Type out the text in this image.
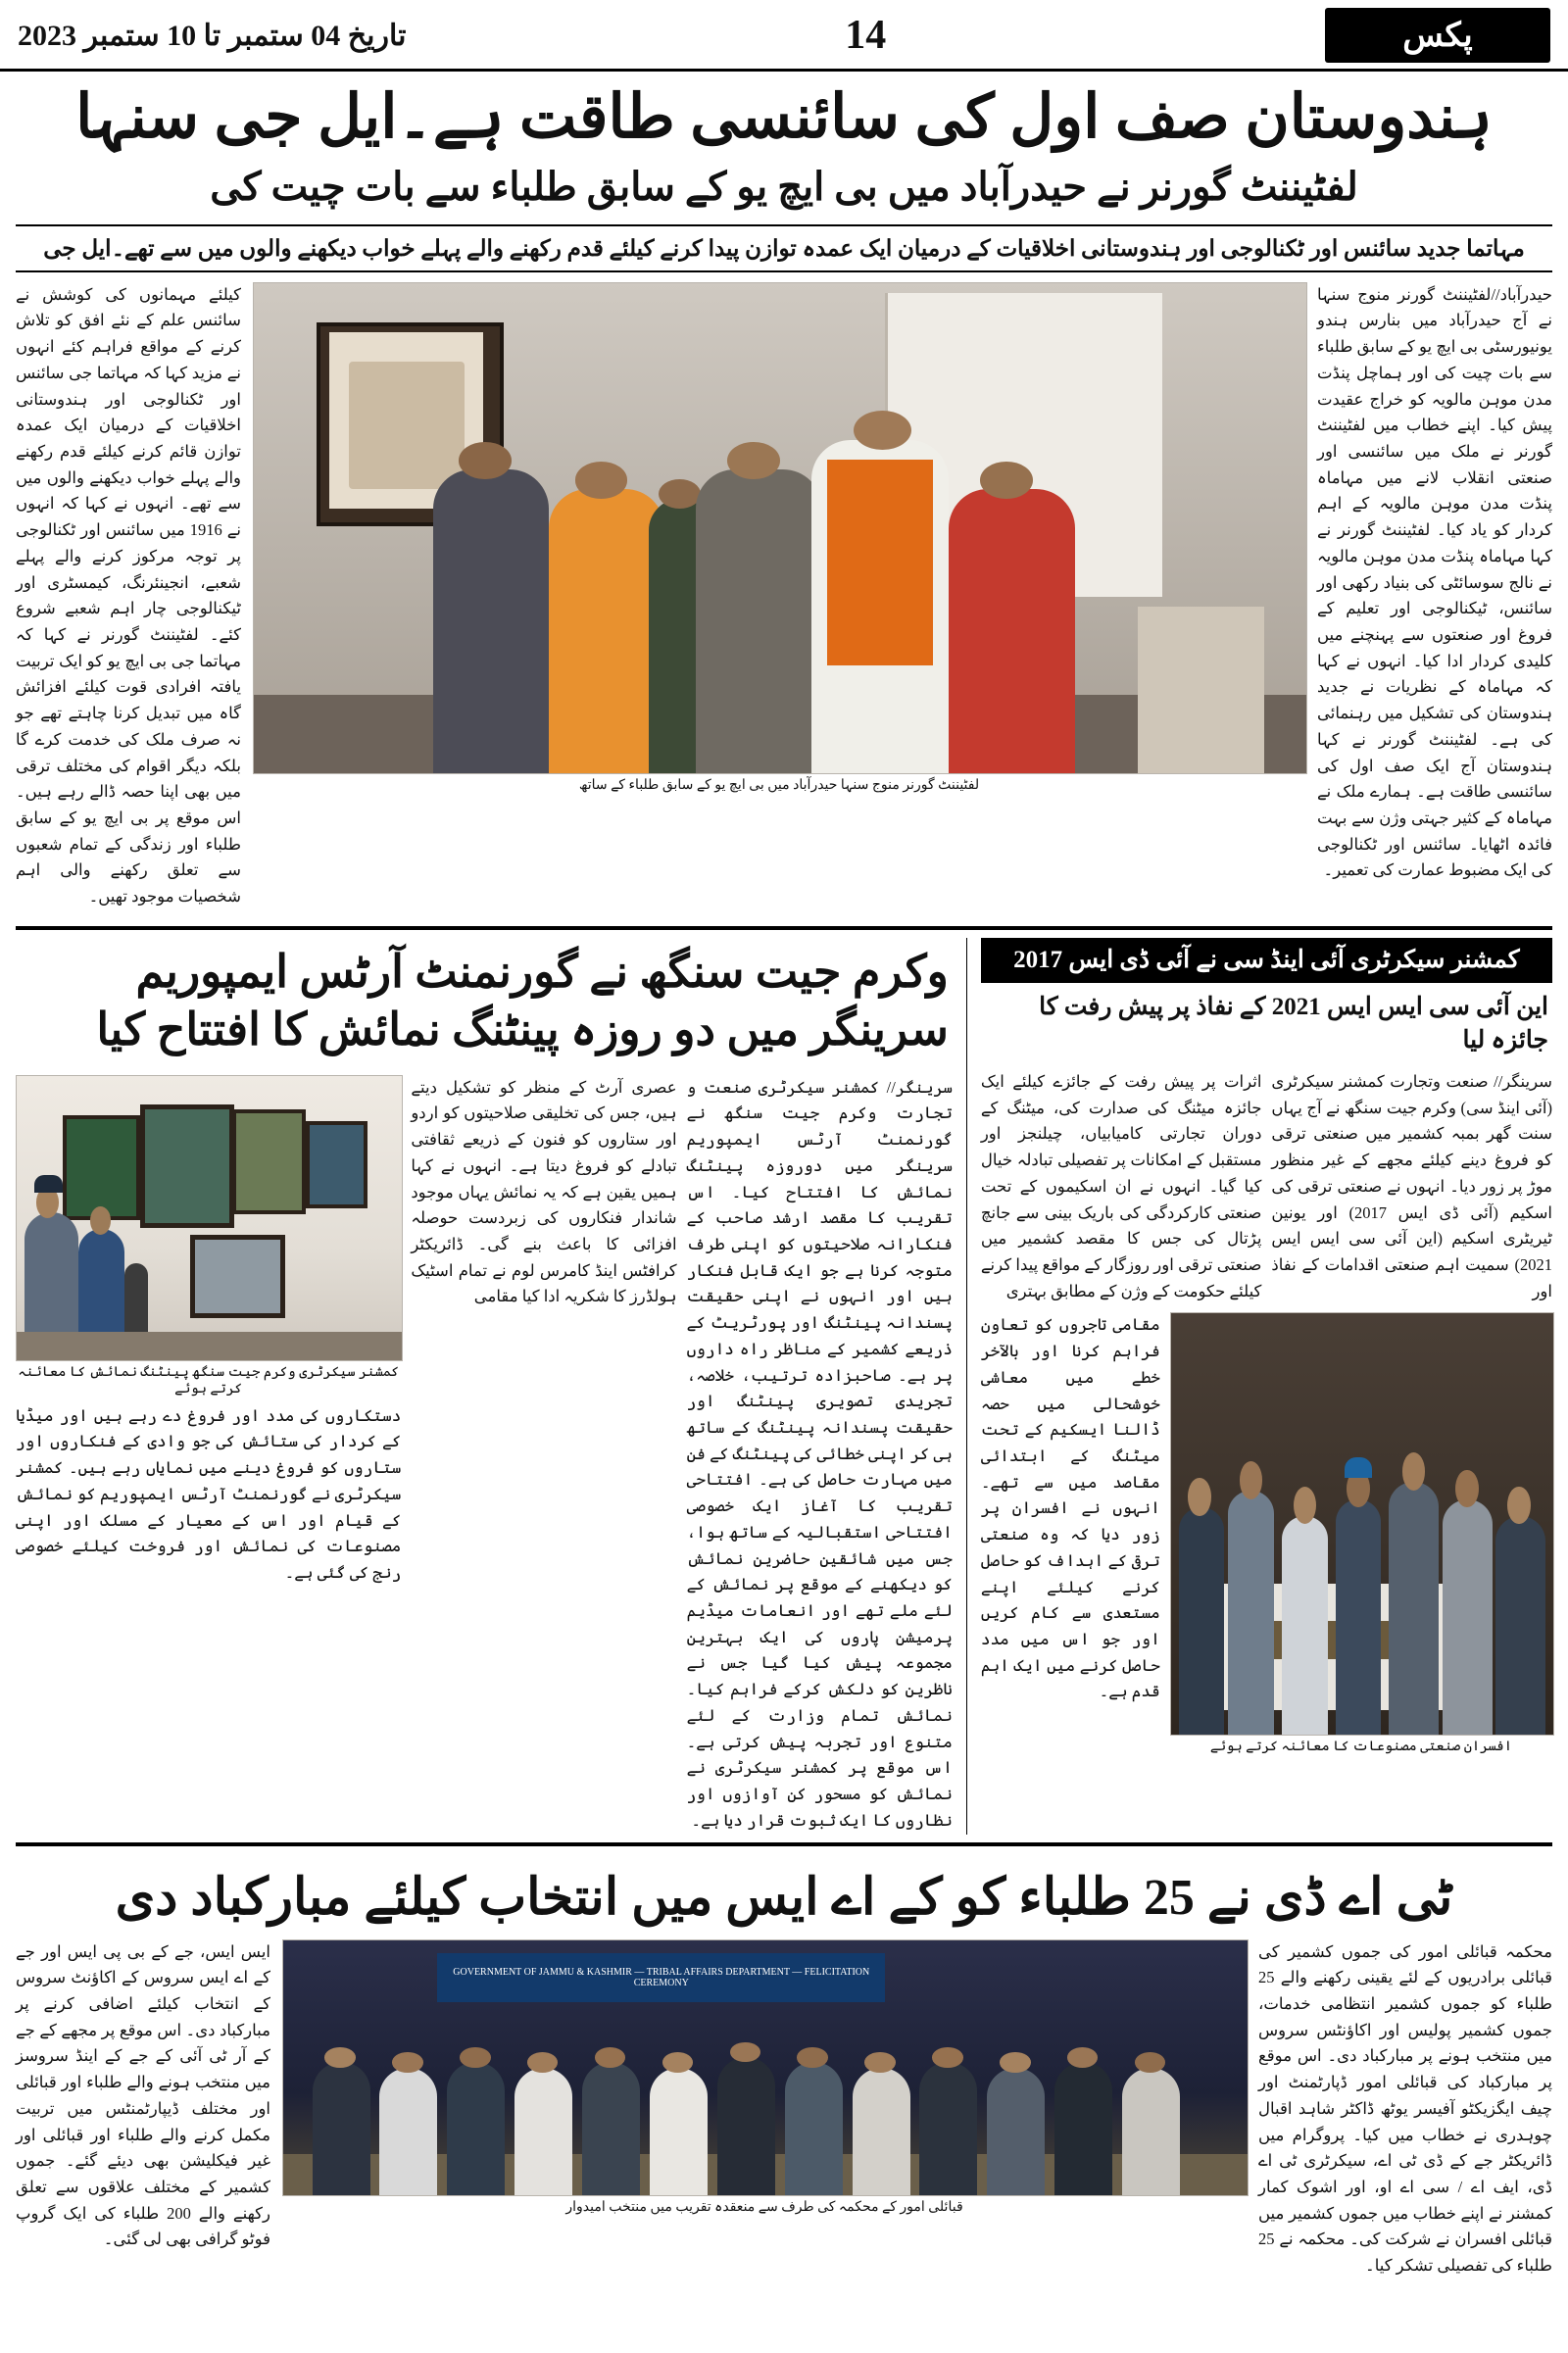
تاریخ 04 ستمبر تا 10 ستمبر 2023	14	پکس
ہندوستان صف اول کی سائنسی طاقت ہے۔ایل جی سنہا
لفٹیننٹ گورنر نے حیدرآباد میں بی ایچ یو کے سابق طلباء سے بات چیت کی
مہاتما جدید سائنس اور ٹکنالوجی اور ہندوستانی اخلاقیات کے درمیان ایک عمدہ توازن پیدا کرنے کیلئے قدم رکھنے والے پہلے خواب دیکھنے والوں میں سے تھے۔ایل جی
کیلئے مہمانوں کی کوشش نے سائنس علم کے نئے افق کو تلاش کرنے کے مواقع فراہم کئے انہوں نے مزید کہا کہ مہاتما جی سائنس اور ٹکنالوجی اور ہندوستانی اخلاقیات کے درمیان ایک عمدہ توازن قائم کرنے کیلئے قدم رکھنے والے پہلے خواب دیکھنے والوں میں سے تھے۔ انہوں نے کہا کہ انہوں نے 1916 میں سائنس اور ٹکنالوجی پر توجہ مرکوز کرنے والے پہلے شعبے، انجینئرنگ، کیمسٹری اور ٹیکنالوجی چار اہم شعبے شروع کئے۔ لفٹیننٹ گورنر نے کہا کہ مہاتما جی بی ایچ یو کو ایک تربیت یافتہ افرادی قوت کیلئے افزائش گاہ میں تبدیل کرنا چاہتے تھے جو نہ صرف ملک کی خدمت کرے گا بلکہ دیگر اقوام کی مختلف ترقی میں بھی اپنا حصہ ڈالے رہے ہیں۔ اس موقع پر بی ایچ یو کے سابق طلباء اور زندگی کے تمام شعبوں سے تعلق رکھنے والی اہم شخصیات موجود تھیں۔
لفٹیننٹ گورنر منوج سنہا حیدرآباد میں بی ایچ یو کے سابق طلباء کے ساتھ
حیدرآباد//لفٹیننٹ گورنر منوج سنہا نے آج حیدرآباد میں بنارس ہندو یونیورسٹی بی ایچ یو کے سابق طلباء سے بات چیت کی اور ہماچل پنڈت مدن موہن مالویہ کو خراج عقیدت پیش کیا۔ اپنے خطاب میں لفٹیننٹ گورنر نے ملک میں سائنسی اور صنعتی انقلاب لانے میں مہاماہ پنڈت مدن موہن مالویہ کے اہم کردار کو یاد کیا۔ لفٹیننٹ گورنر نے کہا مہاماہ پنڈت مدن موہن مالویہ نے نالج سوسائٹی کی بنیاد رکھی اور سائنس، ٹیکنالوجی اور تعلیم کے فروغ اور صنعتوں سے پہنچنے میں کلیدی کردار ادا کیا۔ انہوں نے کہا کہ مہاماہ کے نظریات نے جدید ہندوستان کی تشکیل میں رہنمائی کی ہے۔ لفٹیننٹ گورنر نے کہا ہندوستان آج ایک صف اول کی سائنسی طاقت ہے۔ ہمارے ملک نے مہاماہ کے کثیر جہتی وژن سے بہت فائدہ اٹھایا۔ سائنس اور ٹکنالوجی کی ایک مضبوط عمارت کی تعمیر۔
وکرم جیت سنگھ نے گورنمنٹ آرٹس ایمپوریم سرینگر میں دو روزہ پینٹنگ نمائش کا افتتاح کیا
کمشنر سیکرٹری وکرم جیت سنگھ پینٹنگ نمائش کا معائنہ کرتے ہوئے
دستکاروں کی مدد اور فروغ دے رہے ہیں اور میڈیا کے کردار کی ستائش کی جو وادی کے فنکاروں اور ستاروں کو فروغ دینے میں نمایاں رہے ہیں۔ کمشنر سیکرٹری نے گورنمنٹ آرٹس ایمپوریم کو نمائش کے قیام اور اس کے معیار کے مسلک اور اپنی مصنوعات کی نمائش اور فروخت کیلئے خصوصی رنج کی گئی ہے۔
عصری آرٹ کے منظر کو تشکیل دیتے ہیں، جس کی تخلیقی صلاحیتوں کو اردو اور ستاروں کو فنون کے ذریعے ثقافتی تبادلے کو فروغ دیتا ہے۔ انہوں نے کہا ہمیں یقین ہے کہ یہ نمائش یہاں موجود شاندار فنکاروں کی زبردست حوصلہ افزائی کا باعث بنے گی۔ ڈائریکٹر کرافٹس اینڈ کامرس لوم نے تمام اسٹیک ہولڈرز کا شکریہ ادا کیا مقامی
سرینگر// کمشنر سیکرٹری صنعت و تجارت وکرم جیت سنگھ نے گورنمنٹ آرٹس ایمپوریم سرینگر میں دوروزہ پینٹنگ نمائش کا افتتاح کیا۔ اس تقریب کا مقصد ارشد صاحب کے فنکارانہ صلاحیتوں کو اپنی طرف متوجہ کرنا ہے جو ایک قابل فنکار ہیں اور انہوں نے اپنی حقیقت پسندانہ پینٹنگ اور پورٹریٹ کے ذریعے کشمیر کے مناظر راہ داروں پر ہے۔ صاحبزادہ ترتیب، خلاصہ، تجریدی تصویری پینٹنگ اور حقیقت پسندانہ پینٹنگ کے ساتھ ہی کر اپنی خطائی کی پینٹنگ کے فن میں مہارت حاصل کی ہے۔ افتتاحی تقریب کا آغاز ایک خصوصی افتتاحی استقبالیہ کے ساتھ ہوا، جس میں شائقین حاضرین نمائش کو دیکھنے کے موقع پر نمائش کے لئے ملے تھے اور انعامات میڈیم پرمیشن پاروں کی ایک بہترین مجموعہ پیش کیا گیا جس نے ناظرین کو دلکش کرکے فراہم کیا۔ نمائش تمام وزارت کے لئے متنوع اور تجربہ پیش کرتی ہے۔ اس موقع پر کمشنر سیکرٹری نے نمائش کو مسحور کن آوازوں اور نظاروں کا ایک ثبوت قرار دیا ہے۔
کمشنر سیکرٹری آئی اینڈ سی نے آئی ڈی ایس 2017
این آئی سی ایس ایس 2021 کے نفاذ پر پیش رفت کا جائزہ لیا
اثرات پر پیش رفت کے جائزے کیلئے ایک جائزہ میٹنگ کی صدارت کی، میٹنگ کے دوران تجارتی کامیابیاں، چیلنجز اور مستقبل کے امکانات پر تفصیلی تبادلہ خیال کیا گیا۔ انہوں نے ان اسکیموں کے تحت صنعتی کارکردگی کی باریک بینی سے جانچ پڑتال کی جس کا مقصد کشمیر میں صنعتی ترقی اور روزگار کے مواقع پیدا کرنے کیلئے حکومت کے وژن کے مطابق بہتری
سرینگر// صنعت وتجارت کمشنر سیکرٹری (آئی اینڈ سی) وکرم جیت سنگھ نے آج یہاں سنت گھر بمبہ کشمیر میں صنعتی ترقی کو فروغ دینے کیلئے مجھے کے غیر منظور موڑ پر زور دیا۔ انہوں نے صنعتی ترقی کی اسکیم (آئی ڈی ایس 2017) اور یونین ٹیریٹری اسکیم (این آئی سی ایس ایس 2021) سمیت اہم صنعتی اقدامات کے نفاذ اور
مقامی تاجروں کو تعاون فراہم کرنا اور بالآخر خطے میں معاشی خوشحالی میں حصہ ڈالنا ایسکیم کے تحت میٹنگ کے ابتدائی مقاصد میں سے تھے۔ انہوں نے افسران پر زور دیا کہ وہ صنعتی ترقی کے اہداف کو حاصل کرنے کیلئے اپنے مستعدی سے کام کریں اور جو اس میں مدد حاصل کرنے میں ایک اہم قدم ہے۔
افسران صنعتی مصنوعات کا معائنہ کرتے ہوئے
ٹی اے ڈی نے 25 طلباء کو کے اے ایس میں انتخاب کیلئے مبارکباد دی
ایس ایس، جے کے بی پی ایس اور جے کے اے ایس سروس کے اکاؤنٹ سروس کے انتخاب کیلئے اضافی کرنے پر مبارکباد دی۔ اس موقع پر مجھے کے جے کے آر ٹی آئی کے جے کے اینڈ سروسز میں منتخب ہونے والے طلباء اور قبائلی اور مختلف ڈیپارٹمنٹس میں تربیت مکمل کرنے والے طلباء اور قبائلی اور غیر فیکلیشن بھی دیئے گئے۔ جموں کشمیر کے مختلف علاقوں سے تعلق رکھنے والے 200 طلباء کی ایک گروپ فوٹو گرافی بھی لی گئی۔
GOVERNMENT OF JAMMU & KASHMIR — TRIBAL AFFAIRS DEPARTMENT — FELICITATION CEREMONY
قبائلی امور کے محکمہ کی طرف سے منعقدہ تقریب میں منتخب امیدوار
محکمہ قبائلی امور کی جموں کشمیر کی قبائلی برادریوں کے لئے یقینی رکھنے والے 25 طلباء کو جموں کشمیر انتظامی خدمات، جموں کشمیر پولیس اور اکاؤنٹس سروس میں منتخب ہونے پر مبارکباد دی۔ اس موقع پر مبارکباد کی قبائلی امور ڈپارٹمنٹ اور چیف ایگزیکٹو آفیسر یوٹھ ڈاکٹر شاہد اقبال چوہدری نے خطاب میں کیا۔ پروگرام میں ڈائریکٹر جے کے ڈی ٹی اے، سیکرٹری ٹی اے ڈی، ایف اے / سی اے او، اور اشوک کمار کمشنر نے اپنے خطاب میں جموں کشمیر میں قبائلی افسران نے شرکت کی۔ محکمہ نے 25 طلباء کی تفصیلی تشکر کیا۔
